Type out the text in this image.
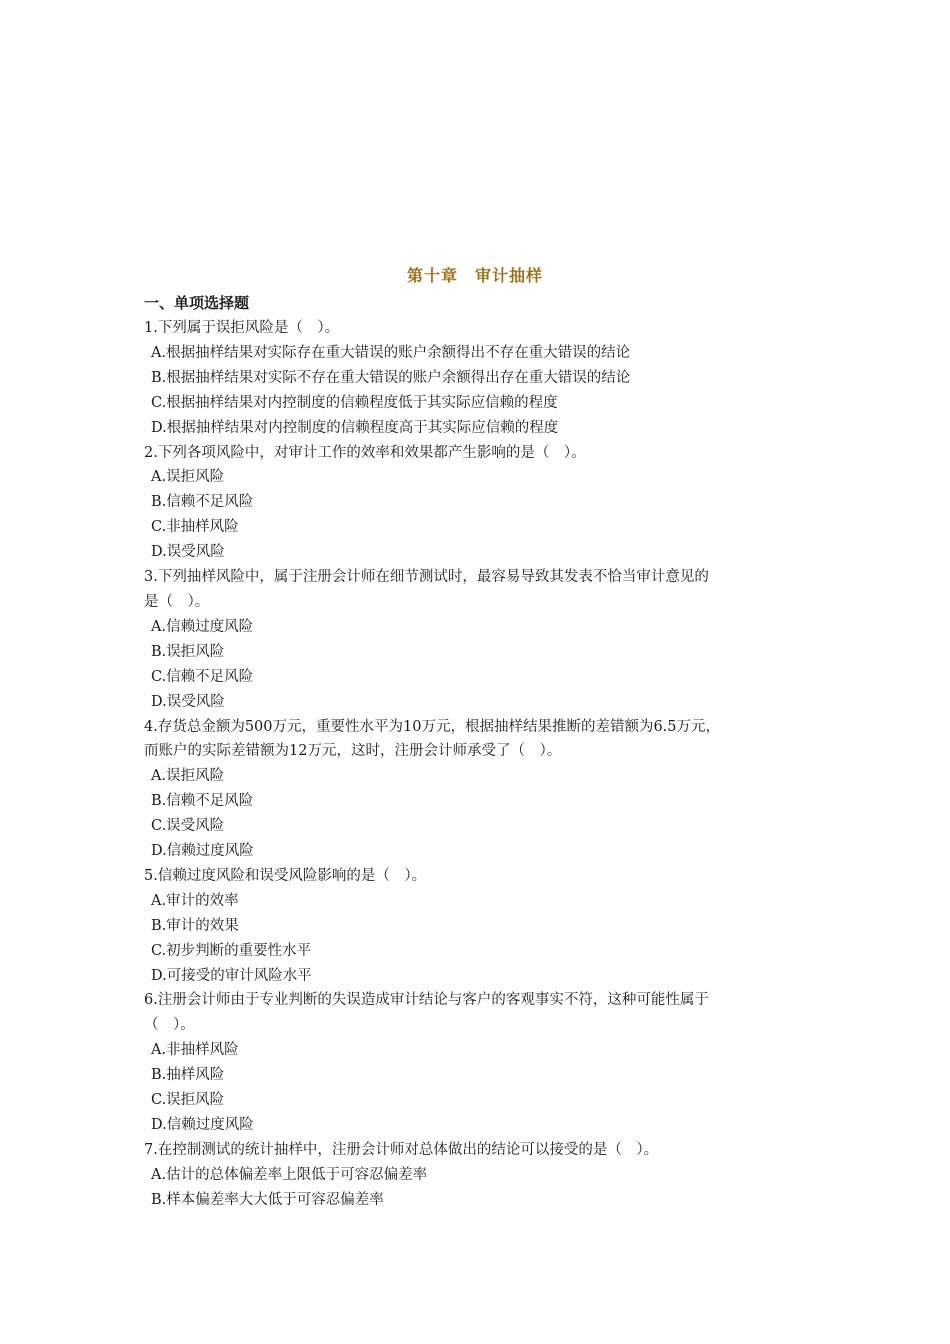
第十章　审计抽样
一、单项选择题
1.下列属于误拒风险是（　）。
A.根据抽样结果对实际存在重大错误的账户余额得出不存在重大错误的结论
B.根据抽样结果对实际不存在重大错误的账户余额得出存在重大错误的结论
C.根据抽样结果对内控制度的信赖程度低于其实际应信赖的程度
D.根据抽样结果对内控制度的信赖程度高于其实际应信赖的程度
2.下列各项风险中，对审计工作的效率和效果都产生影响的是（　）。
A.误拒风险
B.信赖不足风险
C.非抽样风险
D.误受风险
3.下列抽样风险中，属于注册会计师在细节测试时，最容易导致其发表不恰当审计意见的
是（　）。
A.信赖过度风险
B.误拒风险
C.信赖不足风险
D.误受风险
4.存货总金额为500万元，重要性水平为10万元，根据抽样结果推断的差错额为6.5万元，
而账户的实际差错额为12万元，这时，注册会计师承受了（　）。
A.误拒风险
B.信赖不足风险
C.误受风险
D.信赖过度风险
5.信赖过度风险和误受风险影响的是（　）。
A.审计的效率
B.审计的效果
C.初步判断的重要性水平
D.可接受的审计风险水平
6.注册会计师由于专业判断的失误造成审计结论与客户的客观事实不符，这种可能性属于
（　）。
A.非抽样风险
B.抽样风险
C.误拒风险
D.信赖过度风险
7.在控制测试的统计抽样中，注册会计师对总体做出的结论可以接受的是（　）。
A.估计的总体偏差率上限低于可容忍偏差率
B.样本偏差率大大低于可容忍偏差率
